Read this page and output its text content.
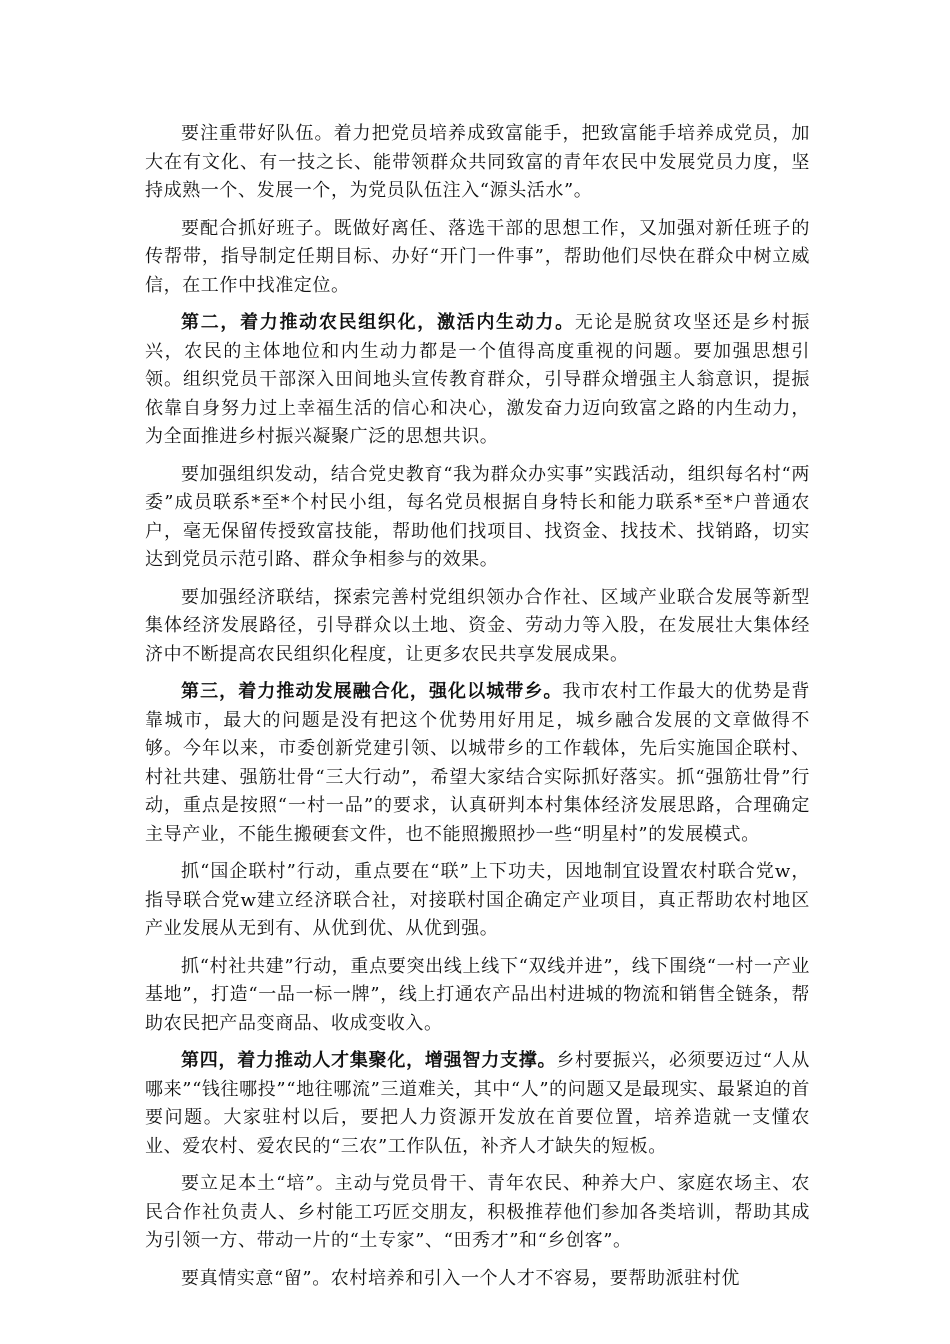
要注重带好队伍。着力把党员培养成致富能手，把致富能手培养成党员，加大在有文化、有一技之长、能带领群众共同致富的青年农民中发展党员力度，坚持成熟一个、发展一个，为党员队伍注入“源头活水”。

要配合抓好班子。既做好离任、落选干部的思想工作，又加强对新任班子的传帮带，指导制定任期目标、办好“开门一件事”，帮助他们尽快在群众中树立威信，在工作中找准定位。

第二，着力推动农民组织化，激活内生动力。无论是脱贫攻坚还是乡村振兴，农民的主体地位和内生动力都是一个值得高度重视的问题。要加强思想引领。组织党员干部深入田间地头宣传教育群众，引导群众增强主人翁意识，提振依靠自身努力过上幸福生活的信心和决心，激发奋力迈向致富之路的内生动力，为全面推进乡村振兴凝聚广泛的思想共识。

要加强组织发动，结合党史教育“我为群众办实事”实践活动，组织每名村“两委”成员联系*至*个村民小组，每名党员根据自身特长和能力联系*至*户普通农户，毫无保留传授致富技能，帮助他们找项目、找资金、找技术、找销路，切实达到党员示范引路、群众争相参与的效果。

要加强经济联结，探索完善村党组织领办合作社、区域产业联合发展等新型集体经济发展路径，引导群众以土地、资金、劳动力等入股，在发展壮大集体经济中不断提高农民组织化程度，让更多农民共享发展成果。

第三，着力推动发展融合化，强化以城带乡。我市农村工作最大的优势是背靠城市，最大的问题是没有把这个优势用好用足，城乡融合发展的文章做得不够。今年以来，市委创新党建引领、以城带乡的工作载体，先后实施国企联村、村社共建、强筋壮骨“三大行动”，希望大家结合实际抓好落实。抓“强筋壮骨”行动，重点是按照“一村一品”的要求，认真研判本村集体经济发展思路，合理确定主导产业，不能生搬硬套文件，也不能照搬照抄一些“明星村”的发展模式。

抓“国企联村”行动，重点要在“联”上下功夫，因地制宜设置农村联合党w，指导联合党w建立经济联合社，对接联村国企确定产业项目，真正帮助农村地区产业发展从无到有、从优到优、从优到强。

抓“村社共建”行动，重点要突出线上线下“双线并进”，线下围绕“一村一产业基地”，打造“一品一标一牌”，线上打通农产品出村进城的物流和销售全链条，帮助农民把产品变商品、收成变收入。

第四，着力推动人才集聚化，增强智力支撑。乡村要振兴，必须要迈过“人从哪来”“钱往哪投”“地往哪流”三道难关，其中“人”的问题又是最现实、最紧迫的首要问题。大家驻村以后，要把人力资源开发放在首要位置，培养造就一支懂农业、爱农村、爱农民的“三农”工作队伍，补齐人才缺失的短板。

要立足本土“培”。主动与党员骨干、青年农民、种养大户、家庭农场主、农民合作社负责人、乡村能工巧匠交朋友，积极推荐他们参加各类培训，帮助其成为引领一方、带动一片的“土专家”、“田秀才”和“乡创客”。

要真情实意“留”。农村培养和引入一个人才不容易，要帮助派驻村优
